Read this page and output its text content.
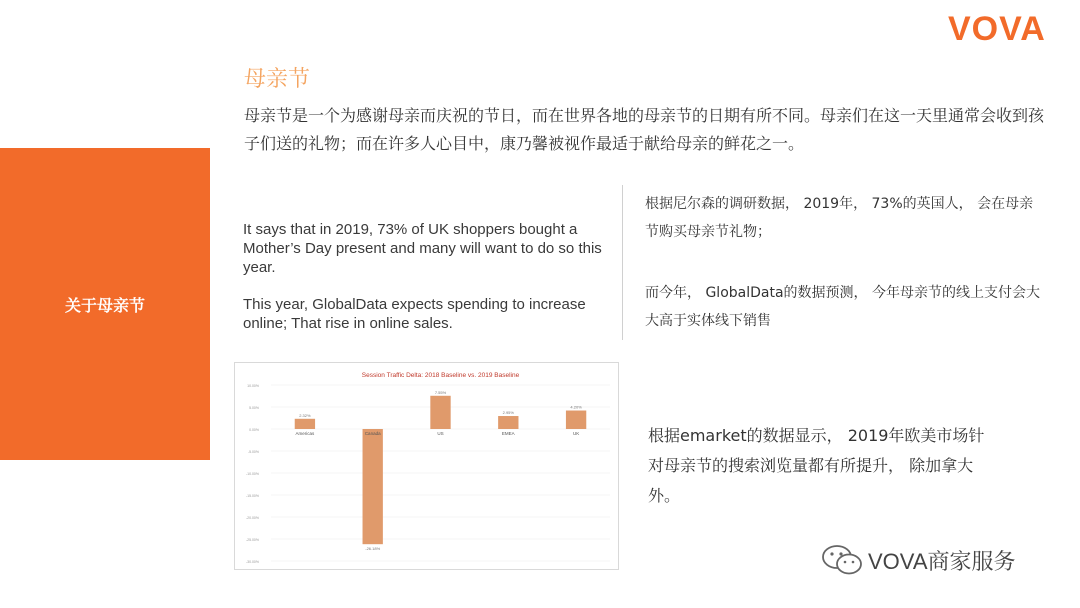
VOVA
母亲节
母亲节是一个为感谢母亲而庆祝的节日，而在世界各地的母亲节的日期有所不同。母亲们在这一天里通常会收到孩子们送的礼物；而在许多人心目中，康乃馨被视作最适于献给母亲的鲜花之一。
关于母亲节
It says that in 2019, 73% of UK shoppers bought a Mother’s Day present and many will want to do so this year.
This year, GlobalData expects spending to increase online; That rise in online sales.
根据尼尔森的调研数据， 2019年， 73%的英国人， 会在母亲节购买母亲节礼物；
而今年， GlobalData的数据预测， 今年母亲节的线上支付会大大高于实体线下销售
Session Traffic Delta: 2018 Baseline vs. 2019 Baseline
10.00%
5.00%
0.00%
-5.00%
-10.00%
-15.00%
-20.00%
-25.00%
-30.00%
Americas
2.32%
Canada
-26.18%
US
7.55%
EMEA
2.95%
UK
4.20%
根据emarket的数据显示， 2019年欧美市场针对母亲节的搜索浏览量都有所提升， 除加拿大外。
VOVA商家服务
